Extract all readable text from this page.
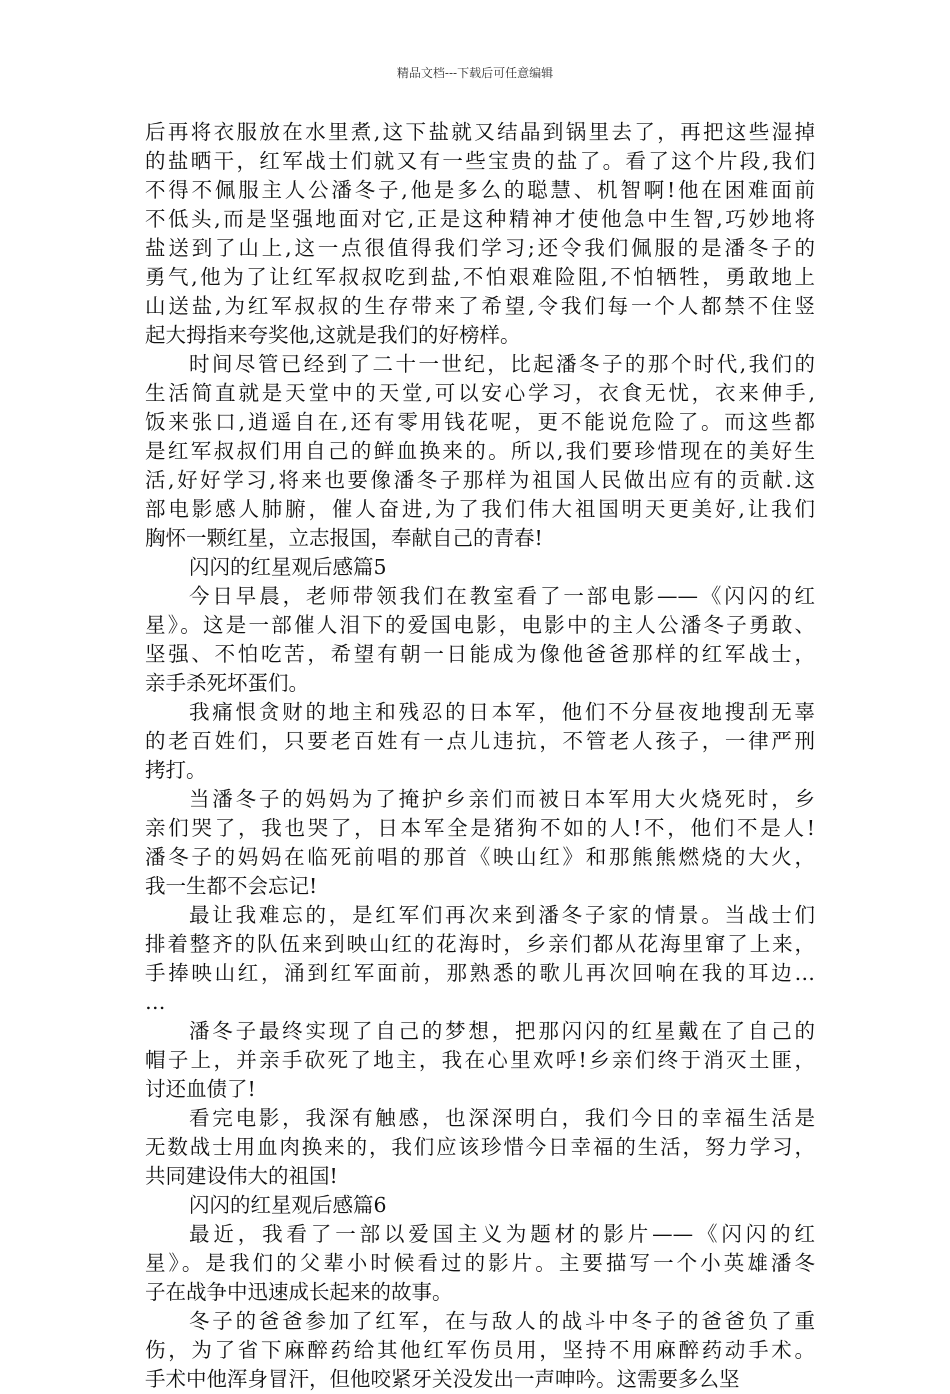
精品文档---下载后可任意编辑
后再将衣服放在水里煮,这下盐就又结晶到锅里去了，再把这些湿掉
的盐晒干，红军战士们就又有一些宝贵的盐了。看了这个片段,我们
不得不佩服主人公潘冬子,他是多么的聪慧、机智啊!他在困难面前
不低头,而是坚强地面对它,正是这种精神才使他急中生智,巧妙地将
盐送到了山上,这一点很值得我们学习;还令我们佩服的是潘冬子的
勇气,他为了让红军叔叔吃到盐,不怕艰难险阻,不怕牺牲，勇敢地上
山送盐,为红军叔叔的生存带来了希望,令我们每一个人都禁不住竖
起大拇指来夸奖他,这就是我们的好榜样。
时间尽管已经到了二十一世纪，比起潘冬子的那个时代,我们的
生活简直就是天堂中的天堂,可以安心学习，衣食无忧，衣来伸手,
饭来张口,逍遥自在,还有零用钱花呢，更不能说危险了。而这些都
是红军叔叔们用自己的鲜血换来的。所以,我们要珍惜现在的美好生
活,好好学习,将来也要像潘冬子那样为祖国人民做出应有的贡献.这
部电影感人肺腑，催人奋进,为了我们伟大祖国明天更美好,让我们
胸怀一颗红星，立志报国，奉献自己的青春!
闪闪的红星观后感篇5
今日早晨，老师带领我们在教室看了一部电影——《闪闪的红
星》。这是一部催人泪下的爱国电影，电影中的主人公潘冬子勇敢、
坚强、不怕吃苦，希望有朝一日能成为像他爸爸那样的红军战士，
亲手杀死坏蛋们。
我痛恨贪财的地主和残忍的日本军，他们不分昼夜地搜刮无辜
的老百姓们，只要老百姓有一点儿违抗，不管老人孩子，一律严刑
拷打。
当潘冬子的妈妈为了掩护乡亲们而被日本军用大火烧死时，乡
亲们哭了，我也哭了，日本军全是猪狗不如的人!不，他们不是人!
潘冬子的妈妈在临死前唱的那首《映山红》和那熊熊燃烧的大火，
我一生都不会忘记!
最让我难忘的，是红军们再次来到潘冬子家的情景。当战士们
排着整齐的队伍来到映山红的花海时，乡亲们都从花海里窜了上来，
手捧映山红，涌到红军面前，那熟悉的歌儿再次回响在我的耳边…
…
潘冬子最终实现了自己的梦想，把那闪闪的红星戴在了自己的
帽子上，并亲手砍死了地主，我在心里欢呼!乡亲们终于消灭土匪，
讨还血债了!
看完电影，我深有触感，也深深明白，我们今日的幸福生活是
无数战士用血肉换来的，我们应该珍惜今日幸福的生活，努力学习，
共同建设伟大的祖国!
闪闪的红星观后感篇6
最近，我看了一部以爱国主义为题材的影片——《闪闪的红
星》。是我们的父辈小时候看过的影片。主要描写一个小英雄潘冬
子在战争中迅速成长起来的故事。
冬子的爸爸参加了红军，在与敌人的战斗中冬子的爸爸负了重
伤，为了省下麻醉药给其他红军伤员用，坚持不用麻醉药动手术。
手术中他浑身冒汗，但他咬紧牙关没发出一声呻吟。这需要多么坚
